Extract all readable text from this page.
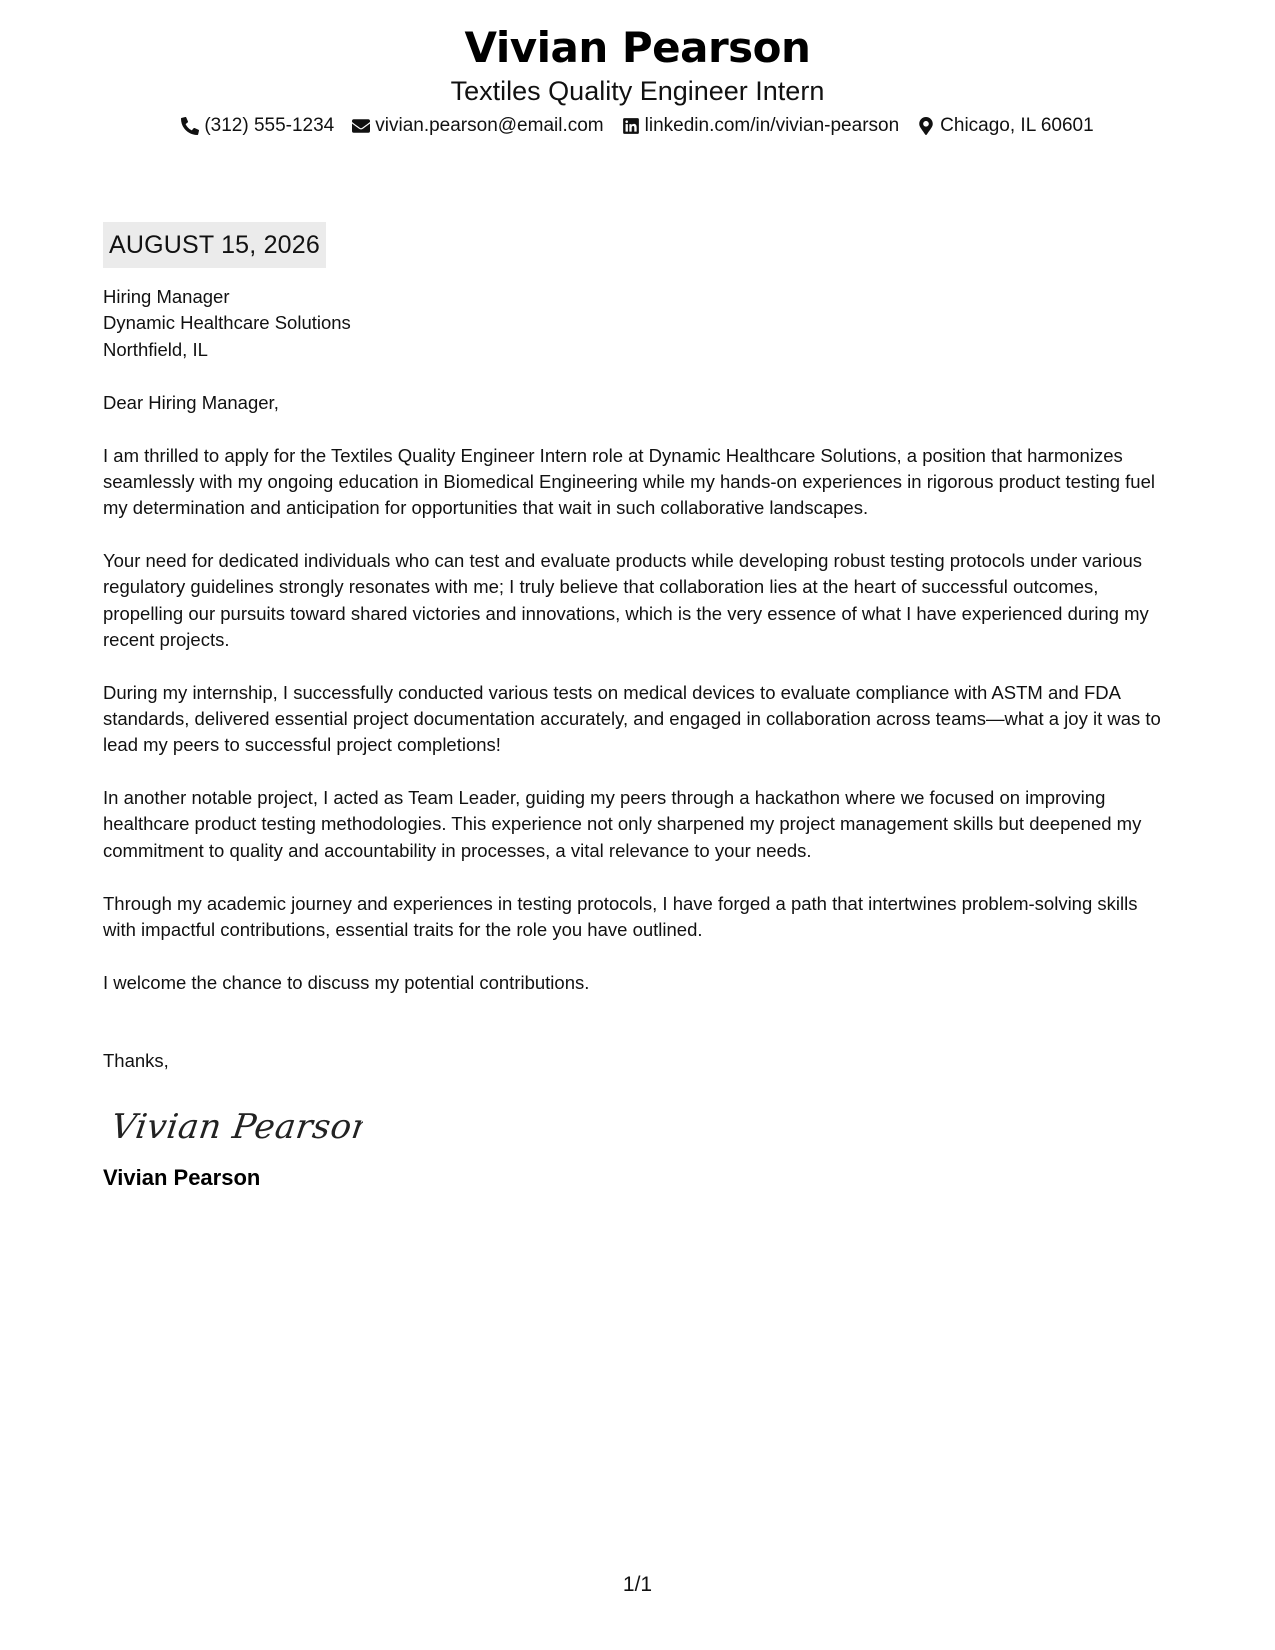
Vivian Pearson
Textiles Quality Engineer Intern
(312) 555-1234 vivian.pearson@email.com linkedin.com/in/vivian-pearson Chicago, IL 60601
AUGUST 15, 2026
Hiring Manager
Dynamic Healthcare Solutions
Northfield, IL
Dear Hiring Manager,
I am thrilled to apply for the Textiles Quality Engineer Intern role at Dynamic Healthcare Solutions, a position that harmonizes seamlessly with my ongoing education in Biomedical Engineering while my hands-on experiences in rigorous product testing fuel my determination and anticipation for opportunities that wait in such collaborative landscapes.
Your need for dedicated individuals who can test and evaluate products while developing robust testing protocols under various regulatory guidelines strongly resonates with me; I truly believe that collaboration lies at the heart of successful outcomes, propelling our pursuits toward shared victories and innovations, which is the very essence of what I have experienced during my recent projects.
During my internship, I successfully conducted various tests on medical devices to evaluate compliance with ASTM and FDA standards, delivered essential project documentation accurately, and engaged in collaboration across teams—what a joy it was to lead my peers to successful project completions!
In another notable project, I acted as Team Leader, guiding my peers through a hackathon where we focused on improving healthcare product testing methodologies. This experience not only sharpened my project management skills but deepened my commitment to quality and accountability in processes, a vital relevance to your needs.
Through my academic journey and experiences in testing protocols, I have forged a path that intertwines problem-solving skills with impactful contributions, essential traits for the role you have outlined.
I welcome the chance to discuss my potential contributions.
Thanks,
Vivian Pearson
Vivian Pearson
1/1
